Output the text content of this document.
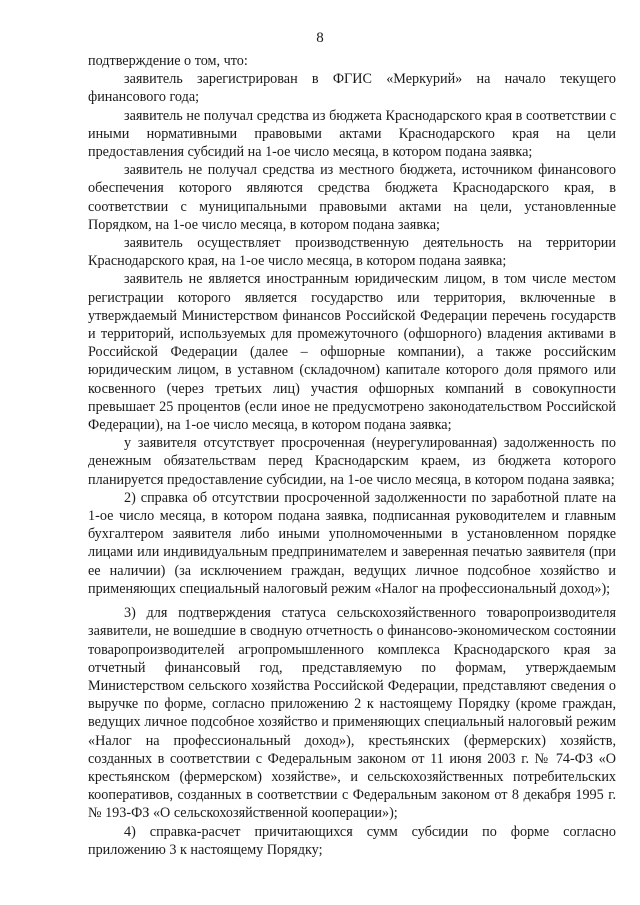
8

подтверждение о том, что:

заявитель зарегистрирован в ФГИС «Меркурий» на начало текущего финансового года;

заявитель не получал средства из бюджета Краснодарского края в соответствии с иными нормативными правовыми актами Краснодарского края на цели предоставления субсидий на 1-ое число месяца, в котором подана заявка;

заявитель не получал средства из местного бюджета, источником финансового обеспечения которого являются средства бюджета Краснодарского края, в соответствии с муниципальными правовыми актами на цели, установленные Порядком, на 1-ое число месяца, в котором подана заявка;

заявитель осуществляет производственную деятельность на территории Краснодарского края, на 1-ое число месяца, в котором подана заявка;

заявитель не является иностранным юридическим лицом, в том числе местом регистрации которого является государство или территория, включенные в утверждаемый Министерством финансов Российской Федерации перечень государств и территорий, используемых для промежуточного (офшорного) владения активами в Российской Федерации (далее – офшорные компании), а также российским юридическим лицом, в уставном (складочном) капитале которого доля прямого или косвенного (через третьих лиц) участия офшорных компаний в совокупности превышает 25 процентов (если иное не предусмотрено законодательством Российской Федерации), на 1-ое число месяца, в котором подана заявка;

у заявителя отсутствует просроченная (неурегулированная) задолженность по денежным обязательствам перед Краснодарским краем, из бюджета которого планируется предоставление субсидии, на 1-ое число месяца, в котором подана заявка;

2) справка об отсутствии просроченной задолженности по заработной плате на 1-ое число месяца, в котором подана заявка, подписанная руководителем и главным бухгалтером заявителя либо иными уполномоченными в установленном порядке лицами или индивидуальным предпринимателем и заверенная печатью заявителя (при ее наличии) (за исключением граждан, ведущих личное подсобное хозяйство и применяющих специальный налоговый режим «Налог на профессиональный доход»);

3) для подтверждения статуса сельскохозяйственного товаропроизводителя заявители, не вошедшие в сводную отчетность о финансово-экономическом состоянии товаропроизводителей агропромышленного комплекса Краснодарского края за отчетный финансовый год, представляемую по формам, утверждаемым Министерством сельского хозяйства Российской Федерации, представляют сведения о выручке по форме, согласно приложению 2 к настоящему Порядку (кроме граждан, ведущих личное подсобное хозяйство и применяющих специальный налоговый режим «Налог на профессиональный доход»), крестьянских (фермерских) хозяйств, созданных в соответствии с Федеральным законом от 11 июня 2003 г. № 74-ФЗ «О крестьянском (фермерском) хозяйстве», и сельскохозяйственных потребительских кооперативов, созданных в соответствии с Федеральным законом от 8 декабря 1995 г. № 193-ФЗ «О сельскохозяйственной кооперации»);

4) справка-расчет причитающихся сумм субсидии по форме согласно приложению 3 к настоящему Порядку;
